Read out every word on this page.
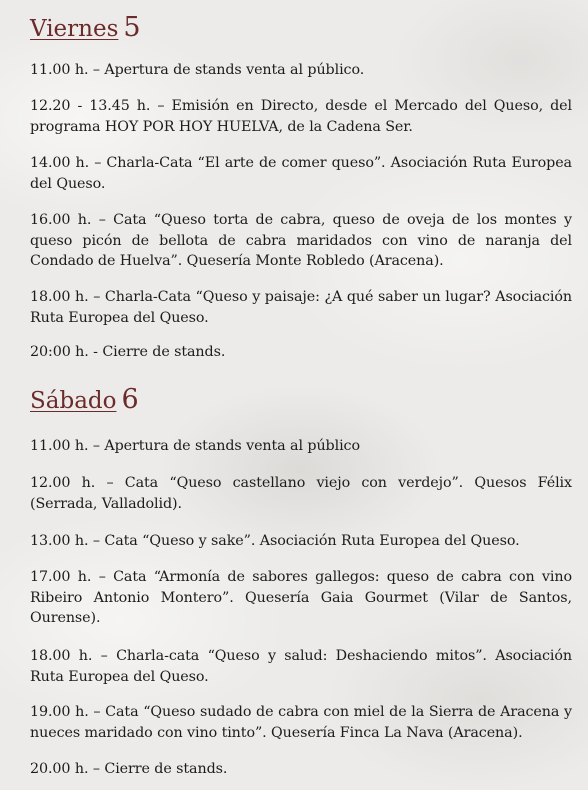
Viernes 5

11.00 h. – Apertura de stands venta al público.

12.20 - 13.45 h. – Emisión en Directo, desde el Mercado del Queso, del programa HOY POR HOY HUELVA, de la Cadena Ser.

14.00 h. – Charla-Cata “El arte de comer queso”. Asociación Ruta Europea del Queso.

16.00 h. – Cata “Queso torta de cabra, queso de oveja de los montes y queso picón de bellota de cabra maridados con vino de naranja del Condado de Huelva”. Quesería Monte Robledo (Aracena).

18.00 h. – Charla-Cata “Queso y paisaje: ¿A qué saber un lugar? Asociación Ruta Europea del Queso.

20:00 h. - Cierre de stands.

Sábado 6

11.00 h. – Apertura de stands venta al público

12.00 h. – Cata “Queso castellano viejo con verdejo”. Quesos Félix (Serrada, Valladolid).

13.00 h. – Cata “Queso y sake”. Asociación Ruta Europea del Queso.

17.00 h. – Cata “Armonía de sabores gallegos: queso de cabra con vino Ribeiro Antonio Montero”. Quesería Gaia Gourmet (Vilar de Santos, Ourense).

18.00 h. – Charla-cata “Queso y salud: Deshaciendo mitos”. Asociación Ruta Europea del Queso.

19.00 h. – Cata “Queso sudado de cabra con miel de la Sierra de Aracena y nueces maridado con vino tinto”. Quesería Finca La Nava (Aracena).

20.00 h. – Cierre de stands.
